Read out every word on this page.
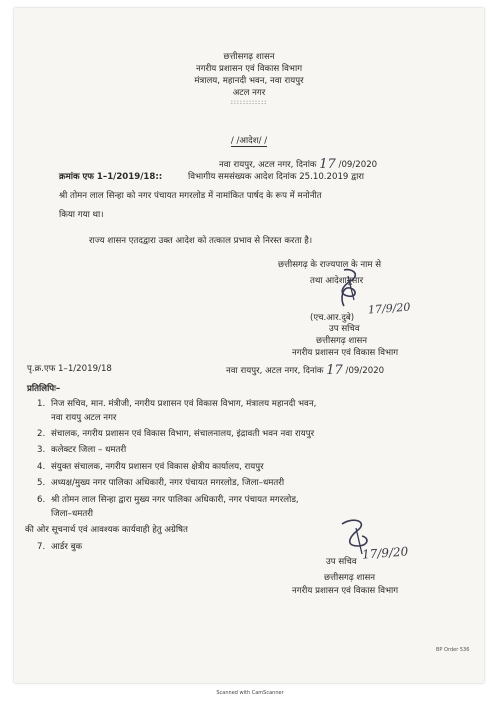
छत्तीसगढ़ शासन
नगरीय प्रशासन एवं विकास विभाग
मंत्रालय, महानदी भवन, नवा रायपुर
अटल नगर
::::::::::::
/ /आदेश/ /
नवा रायपुर, अटल नगर, दिनांक 17 /09/2020
क्रमांक एफ 1–1/2019/18::	विभागीय समसंख्यक आदेश दिनांक 25.10.2019 द्वारा
श्री तोमन लाल सिन्हा को नगर पंचायत मगरलोड में नामांकित पार्षद के रूप में मनोनीत
किया गया था।
राज्य शासन एतदद्वारा उक्त आदेश को तत्काल प्रभाव से निरस्त करता है।
छत्तीसगढ़ के राज्यपाल के नाम से
तथा आदेशानुसार
(एच.आर.दुबे)
17/9/20
उप सचिव
छत्तीसगढ़ शासन
नगरीय प्रशासन एवं विकास विभाग
पृ.क्र.एफ 1–1/2019/18	नवा रायपुर, अटल नगर, दिनांक 17 /09/2020
प्रतिलिपिः–
1. निज सचिव, मान. मंत्रीजी, नगरीय प्रशासन एवं विकास विभाग, मंत्रालय महानदी भवन,
नवा रायपु अटल नगर
2. संचालक, नगरीय प्रशासन एवं विकास विभाग, संचालनालय, इंद्रावती भवन नवा रायपुर
3. कलेक्टर जिला – धमतरी
4. संयुक्त संचालक, नगरीय प्रशासन एवं विकास क्षेत्रीय कार्यालय, रायपुर
5. अध्यक्ष/मुख्य नगर पालिका अधिकारी, नगर पंचायत मगरलोड, जिला–धमतरी
6. श्री तोमन लाल सिन्हा द्वारा मुख्य नगर पालिका अधिकारी, नगर पंचायत मगरलोड,
जिला–धमतरी
की ओर सूचनार्थ एवं आवश्यक कार्यवाही हेतु अग्रेषित
7. आर्डर बुक
उप सचिव
17/9/20
छत्तीसगढ़ शासन
नगरीय प्रशासन एवं विकास विभाग
BP Order 536
Scanned with CamScanner
